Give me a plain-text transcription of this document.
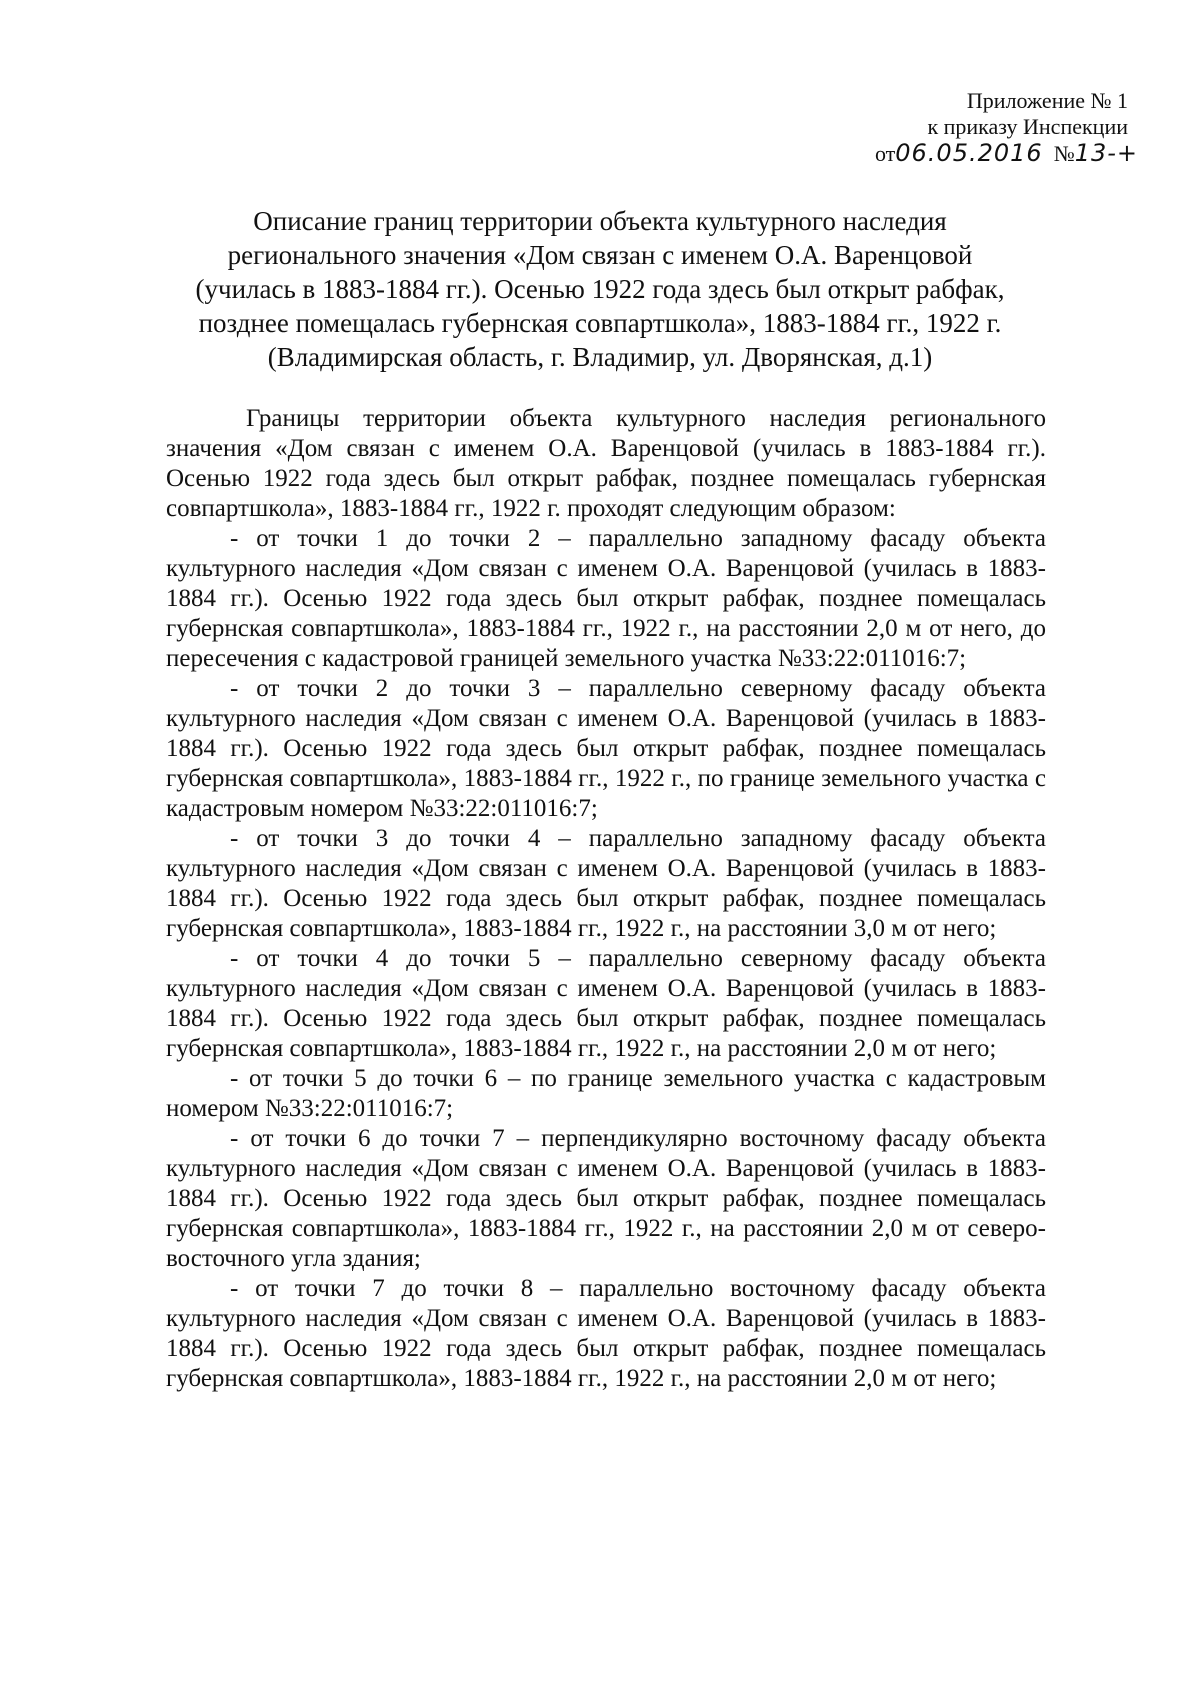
Приложение № 1
к приказу Инспекции
от06.05.2016 №13-+
Описание границ территории объекта культурного наследия
регионального значения «Дом связан с именем О.А. Варенцовой
(училась в 1883-1884 гг.). Осенью 1922 года здесь был открыт рабфак,
позднее помещалась губернская совпартшкола», 1883-1884 гг., 1922 г.
(Владимирская область, г. Владимир, ул. Дворянская, д.1)

Границы территории объекта культурного наследия регионального значения «Дом связан с именем О.А. Варенцовой (училась в 1883-1884 гг.). Осенью 1922 года здесь был открыт рабфак, позднее помещалась губернская совпартшкола», 1883-1884 гг., 1922 г. проходят следующим образом:

- от точки 1 до точки 2 – параллельно западному фасаду объекта культурного наследия «Дом связан с именем О.А. Варенцовой (училась в 1883-1884 гг.). Осенью 1922 года здесь был открыт рабфак, позднее помещалась губернская совпартшкола», 1883-1884 гг., 1922 г., на расстоянии 2,0 м от него, до пересечения с кадастровой границей земельного участка №33:22:011016:7;

- от точки 2 до точки 3 – параллельно северному фасаду объекта культурного наследия «Дом связан с именем О.А. Варенцовой (училась в 1883-1884 гг.). Осенью 1922 года здесь был открыт рабфак, позднее помещалась губернская совпартшкола», 1883-1884 гг., 1922 г., по границе земельного участка с кадастровым номером №33:22:011016:7;

- от точки 3 до точки 4 – параллельно западному фасаду объекта культурного наследия «Дом связан с именем О.А. Варенцовой (училась в 1883-1884 гг.). Осенью 1922 года здесь был открыт рабфак, позднее помещалась губернская совпартшкола», 1883-1884 гг., 1922 г., на расстоянии 3,0 м от него;

- от точки 4 до точки 5 – параллельно северному фасаду объекта культурного наследия «Дом связан с именем О.А. Варенцовой (училась в 1883-1884 гг.). Осенью 1922 года здесь был открыт рабфак, позднее помещалась губернская совпартшкола», 1883-1884 гг., 1922 г., на расстоянии 2,0 м от него;

- от точки 5 до точки 6 – по границе земельного участка с кадастровым номером №33:22:011016:7;

- от точки 6 до точки 7 – перпендикулярно восточному фасаду объекта культурного наследия «Дом связан с именем О.А. Варенцовой (училась в 1883-1884 гг.). Осенью 1922 года здесь был открыт рабфак, позднее помещалась губернская совпартшкола», 1883-1884 гг., 1922 г., на расстоянии 2,0 м от северо-восточного угла здания;

- от точки 7 до точки 8 – параллельно восточному фасаду объекта культурного наследия «Дом связан с именем О.А. Варенцовой (училась в 1883-1884 гг.). Осенью 1922 года здесь был открыт рабфак, позднее помещалась губернская совпартшкола», 1883-1884 гг., 1922 г., на расстоянии 2,0 м от него;
